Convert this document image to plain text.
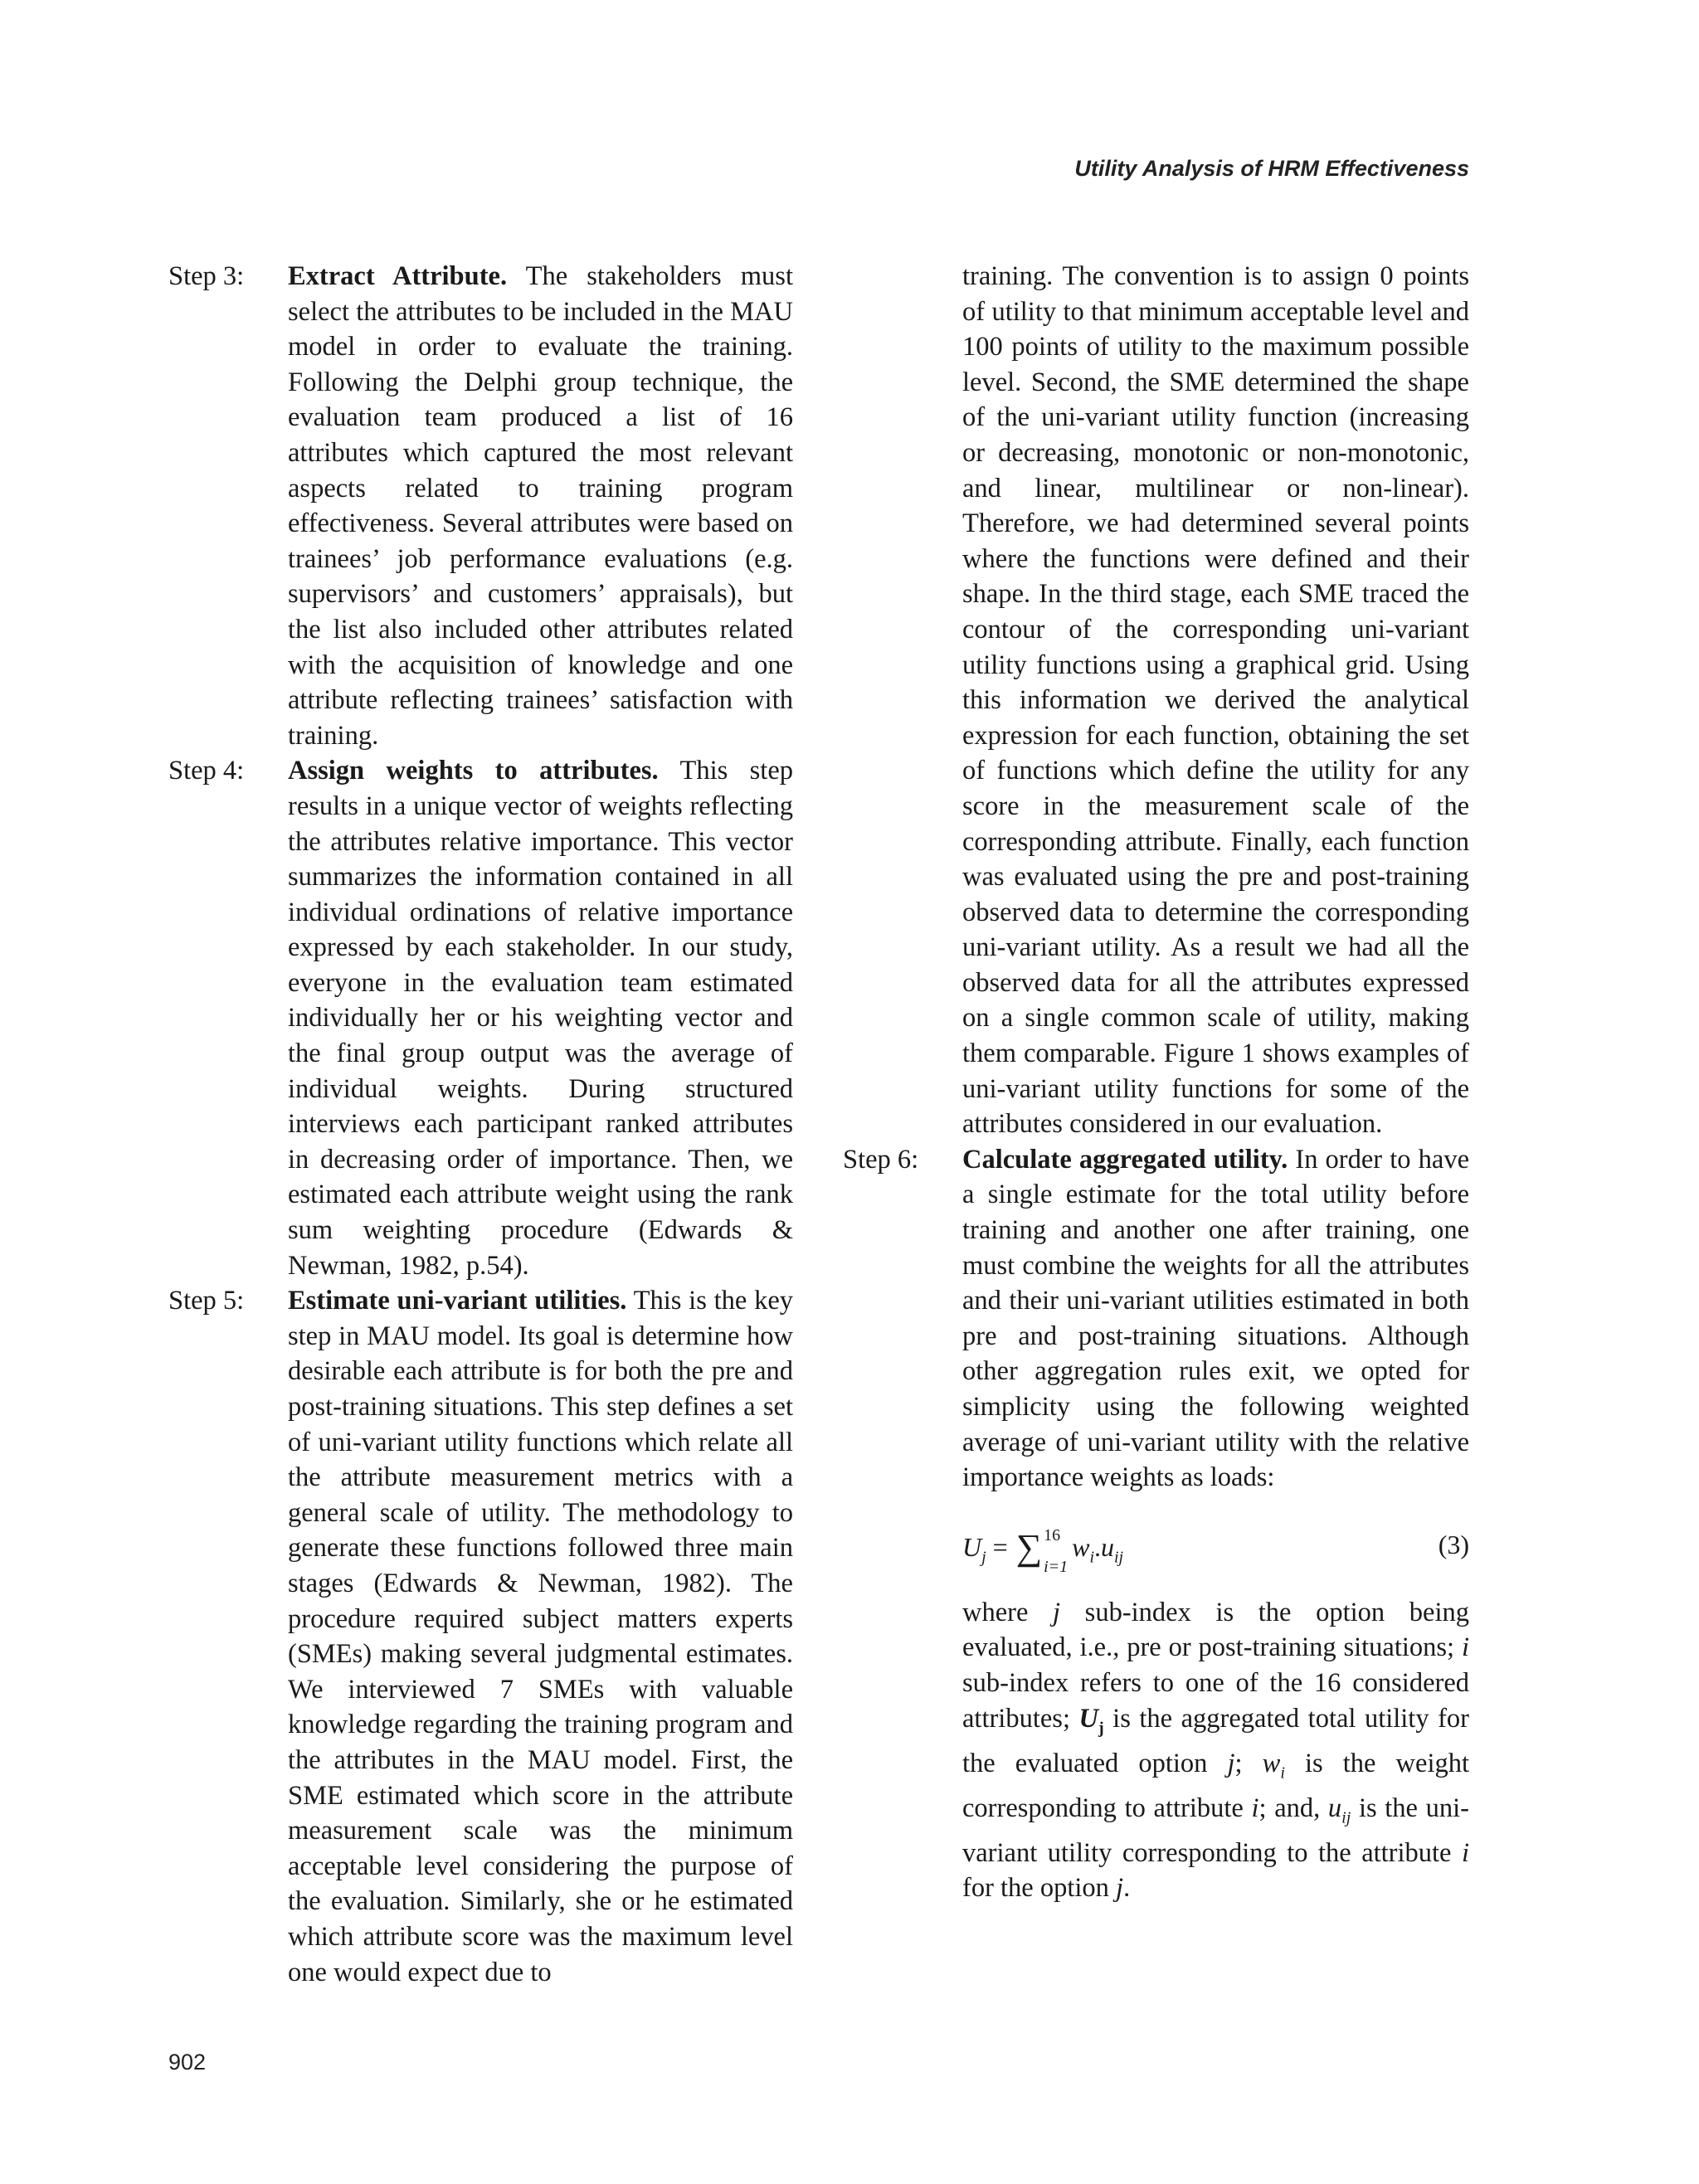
Utility Analysis of HRM Effectiveness
Step 3:	Extract Attribute. The stakeholders must select the attributes to be included in the MAU model in order to evaluate the training. Following the Delphi group technique, the evaluation team produced a list of 16 attributes which captured the most relevant aspects related to training program effectiveness. Several attributes were based on trainees’ job performance evaluations (e.g. supervisors’ and customers’ appraisals), but the list also included other attributes related with the acquisition of knowledge and one attribute reflecting trainees’ satisfaction with training.

Step 4:	Assign weights to attributes. This step results in a unique vector of weights reflecting the attributes relative importance. This vector summarizes the information contained in all individual ordinations of relative importance expressed by each stakeholder. In our study, everyone in the evaluation team estimated individually her or his weighting vector and the final group output was the average of individual weights. During structured interviews each participant ranked attributes in decreasing order of importance. Then, we estimated each attribute weight using the rank sum weighting procedure (Edwards & Newman, 1982, p.54).

Step 5:	Estimate uni-variant utilities. This is the key step in MAU model. Its goal is determine how desirable each attribute is for both the pre and post-training situations. This step defines a set of uni-variant utility functions which relate all the attribute measurement metrics with a general scale of utility. The methodology to generate these functions followed three main stages (Edwards & Newman, 1982). The procedure required subject matters experts (SMEs) making several judgmental estimates. We interviewed 7 SMEs with valuable knowledge regarding the training program and the attributes in the MAU model. First, the SME estimated which score in the attribute measurement scale was the minimum acceptable level considering the purpose of the evaluation. Similarly, she or he estimated which attribute score was the maximum level one would expect due to

training. The convention is to assign 0 points of utility to that minimum acceptable level and 100 points of utility to the maximum possible level. Second, the SME determined the shape of the uni-variant utility function (increasing or decreasing, monotonic or non-monotonic, and linear, multilinear or non-linear). Therefore, we had determined several points where the functions were defined and their shape. In the third stage, each SME traced the contour of the corresponding uni-variant utility functions using a graphical grid. Using this information we derived the analytical expression for each function, obtaining the set of functions which define the utility for any score in the measurement scale of the corresponding attribute. Finally, each function was evaluated using the pre and post-training observed data to determine the corresponding uni-variant utility. As a result we had all the observed data for all the attributes expressed on a single common scale of utility, making them comparable. Figure 1 shows examples of uni-variant utility functions for some of the attributes considered in our evaluation.

Step 6:	Calculate aggregated utility. In order to have a single estimate for the total utility before training and another one after training, one must combine the weights for all the attributes and their uni-variant utilities estimated in both pre and post-training situations. Although other aggregation rules exit, we opted for simplicity using the following weighted average of uni-variant utility with the relative importance weights as loads:

$U_j$ = ∑ 16
i=1
$w_i.u_{ij}$	(3)

where j sub-index is the option being evaluated, i.e., pre or post-training situations; i sub-index refers to one of the 16 considered attributes; $U_j$ is the aggregated total utility for the evaluated option j; $w_i$ is the weight corresponding to attribute i; and, $u_{ij}$ is the uni-variant utility corresponding to the attribute i for the option j.

902
